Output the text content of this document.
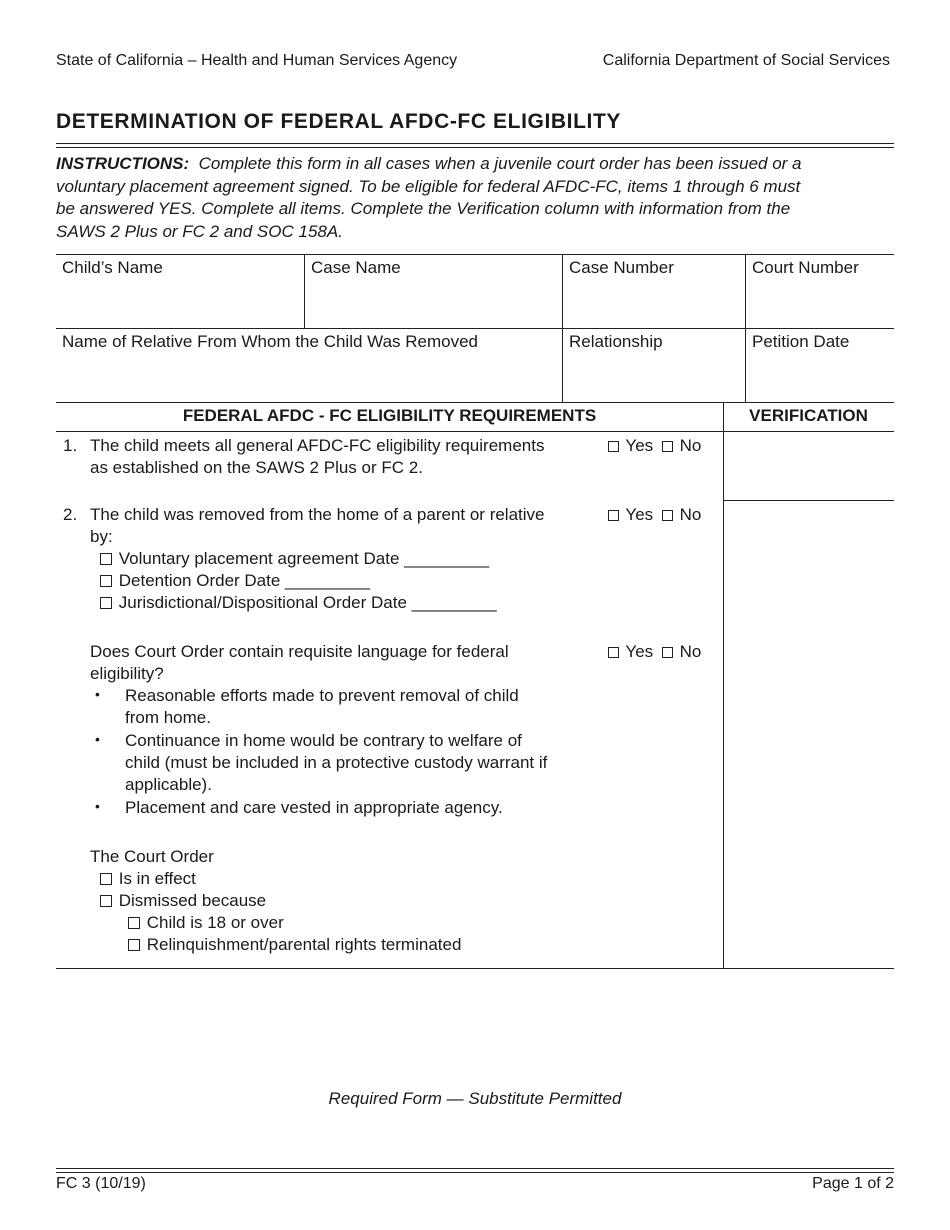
State of California – Health and Human Services Agency	California Department of Social Services
DETERMINATION OF FEDERAL AFDC-FC ELIGIBILITY
INSTRUCTIONS: Complete this form in all cases when a juvenile court order has been issued or a
voluntary placement agreement signed. To be eligible for federal AFDC-FC, items 1 through 6 must
be answered YES. Complete all items. Complete the Verification column with information from the
SAWS 2 Plus or FC 2 and SOC 158A.
Child’s Name	Case Name	Case Number	Court Number
Name of Relative From Whom the Child Was Removed	Relationship	Petition Date
FEDERAL AFDC - FC ELIGIBILITY REQUIREMENTS	VERIFICATION
1. The child meets all general AFDC-FC eligibility requirements
as established on the SAWS 2 Plus or FC 2.
Yes No
2. The child was removed from the home of a parent or relative
by:
Yes No
Voluntary placement agreement Date _________
Detention Order Date _________
Jurisdictional/Dispositional Order Date _________
Does Court Order contain requisite language for federal
eligibility?
Yes No
• Reasonable efforts made to prevent removal of child
from home.
• Continuance in home would be contrary to welfare of
child (must be included in a protective custody warrant if
applicable).
• Placement and care vested in appropriate agency.
The Court Order
Is in effect
Dismissed because
Child is 18 or over
Relinquishment/parental rights terminated
Required Form — Substitute Permitted
FC 3 (10/19)	Page 1 of 2
